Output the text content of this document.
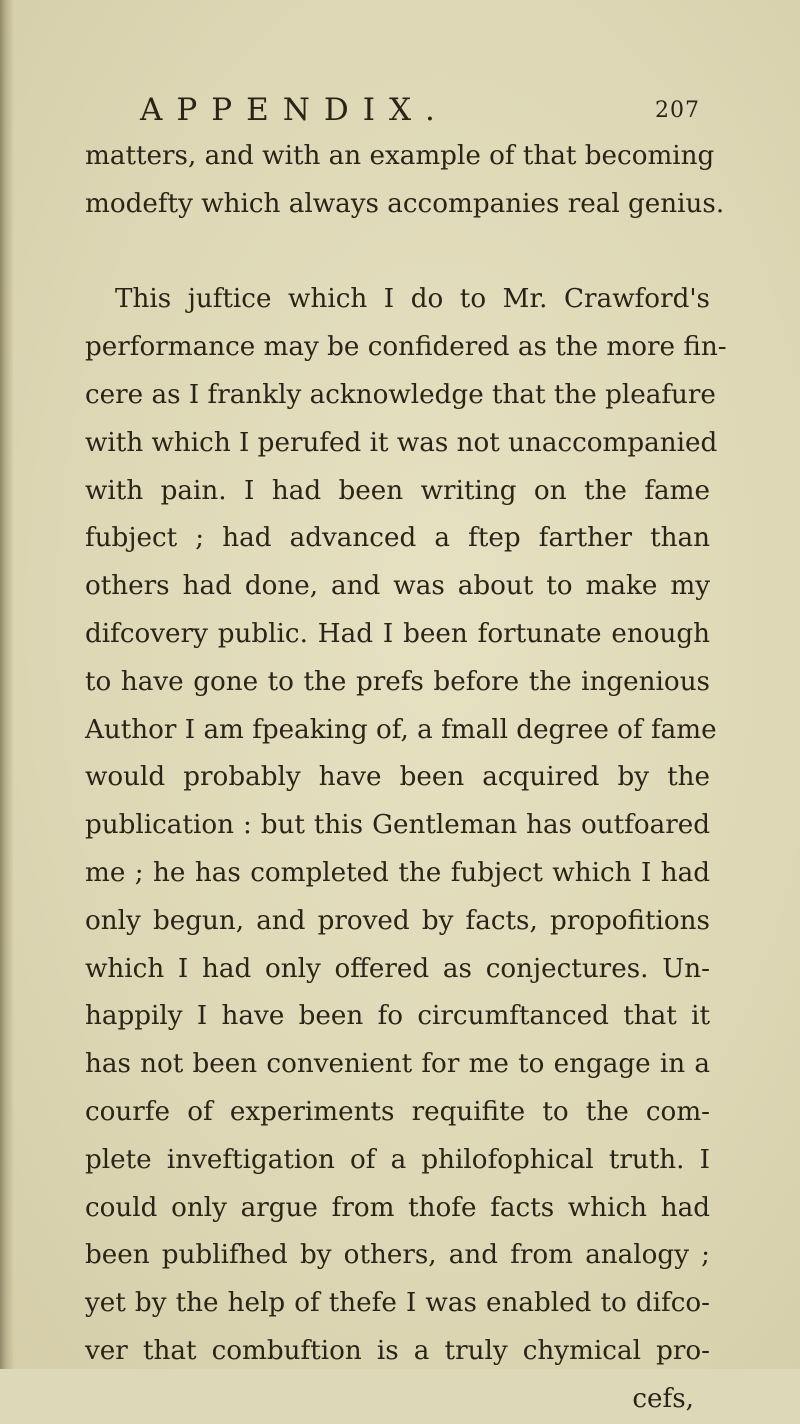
APPENDIX.	207
matters, and with an example of that becoming
modefty which always accompanies real genius.
This juftice which I do to Mr. Crawford's
performance may be confidered as the more fin-
cere as I frankly acknowledge that the pleafure
with which I perufed it was not unaccompanied
with pain. I had been writing on the fame
fubject ; had advanced a ftep farther than
others had done, and was about to make my
difcovery public. Had I been fortunate enough
to have gone to the prefs before the ingenious
Author I am fpeaking of, a fmall degree of fame
would probably have been acquired by the
publication : but this Gentleman has outfoared
me ; he has completed the fubject which I had
only begun, and proved by facts, propofitions
which I had only offered as conjectures. Un-
happily I have been fo circumftanced that it
has not been convenient for me to engage in a
courfe of experiments requifite to the com-
plete inveftigation of a philofophical truth. I
could only argue from thofe facts which had
been publifhed by others, and from analogy ;
yet by the help of thefe I was enabled to difco-
ver that combuftion is a truly chymical pro-
cefs,
